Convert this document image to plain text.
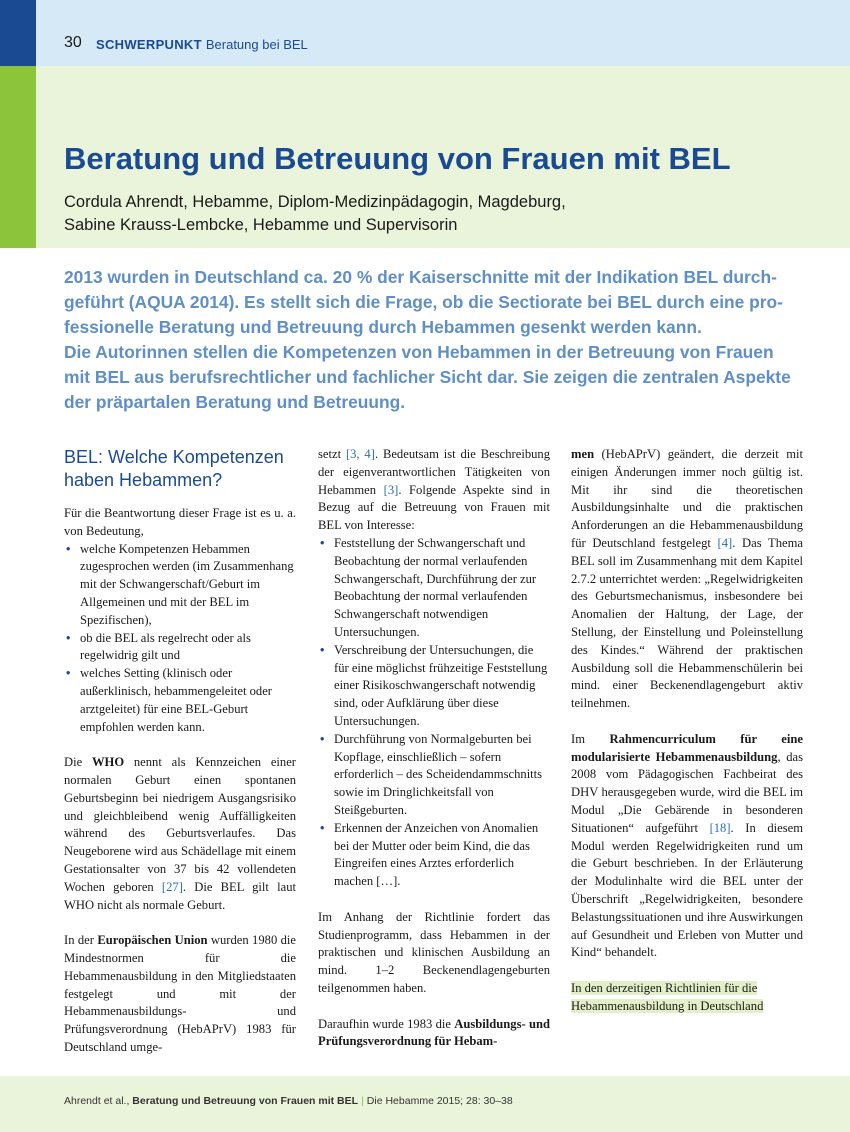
30 SCHWERPUNKT Beratung bei BEL
Beratung und Betreuung von Frauen mit BEL
Cordula Ahrendt, Hebamme, Diplom-Medizinpädagogin, Magdeburg,
Sabine Krauss-Lembcke, Hebamme und Supervisorin
2013 wurden in Deutschland ca. 20 % der Kaiserschnitte mit der Indikation BEL durch-
geführt (AQUA 2014). Es stellt sich die Frage, ob die Sectiorate bei BEL durch eine pro-
fessionelle Beratung und Betreuung durch Hebammen gesenkt werden kann.
Die Autorinnen stellen die Kompetenzen von Hebammen in der Betreuung von Frauen
mit BEL aus berufsrechtlicher und fachlicher Sicht dar. Sie zeigen die zentralen Aspekte
der präpartalen Beratung und Betreuung.
BEL: Welche Kompetenzen haben Hebammen?

Für die Beantwortung dieser Frage ist es u. a. von Bedeutung,

• welche Kompetenzen Hebammen zugesprochen werden (im Zusammenhang mit der Schwangerschaft/Geburt im Allgemeinen und mit der BEL im Spezifischen),
• ob die BEL als regelrecht oder als regelwidrig gilt und
• welches Setting (klinisch oder außerklinisch, hebammengeleitet oder arztgeleitet) für eine BEL-Geburt empfohlen werden kann.

Die WHO nennt als Kennzeichen einer normalen Geburt einen spontanen Geburtsbeginn bei niedrigem Ausgangsrisiko und gleichbleibend wenig Auffälligkeiten während des Geburtsverlaufes. Das Neugeborene wird aus Schädellage mit einem Gestationsalter von 37 bis 42 vollendeten Wochen geboren [27]. Die BEL gilt laut WHO nicht als normale Geburt.

In der Europäischen Union wurden 1980 die Mindestnormen für die Hebammenausbildung in den Mitgliedstaaten festgelegt und mit der Hebammenausbildungs- und Prüfungsverordnung (HebAPrV) 1983 für Deutschland umge-

setzt [3, 4]. Bedeutsam ist die Beschreibung der eigenverantwortlichen Tätigkeiten von Hebammen [3]. Folgende Aspekte sind in Bezug auf die Betreuung von Frauen mit BEL von Interesse:

• Feststellung der Schwangerschaft und Beobachtung der normal verlaufenden Schwangerschaft, Durchführung der zur Beobachtung der normal verlaufenden Schwangerschaft notwendigen Untersuchungen.
• Verschreibung der Untersuchungen, die für eine möglichst frühzeitige Feststellung einer Risikoschwangerschaft notwendig sind, oder Aufklärung über diese Untersuchungen.
• Durchführung von Normalgeburten bei Kopflage, einschließlich – sofern erforderlich – des Scheidendammschnitts sowie im Dringlichkeitsfall von Steißgeburten.
• Erkennen der Anzeichen von Anomalien bei der Mutter oder beim Kind, die das Eingreifen eines Arztes erforderlich machen […].

Im Anhang der Richtlinie fordert das Studienprogramm, dass Hebammen in der praktischen und klinischen Ausbildung an mind. 1–2 Beckenendlagengeburten teilgenommen haben.

Daraufhin wurde 1983 die Ausbildungs- und Prüfungsverordnung für Hebam-

men (HebAPrV) geändert, die derzeit mit einigen Änderungen immer noch gültig ist. Mit ihr sind die theoretischen Ausbildungsinhalte und die praktischen Anforderungen an die Hebammenausbildung für Deutschland festgelegt [4]. Das Thema BEL soll im Zusammenhang mit dem Kapitel 2.7.2 unterrichtet werden: „Regelwidrigkeiten des Geburtsmechanismus, insbesondere bei Anomalien der Haltung, der Lage, der Stellung, der Einstellung und Poleinstellung des Kindes.“ Während der praktischen Ausbildung soll die Hebammenschülerin bei mind. einer Beckenendlagengeburt aktiv teilnehmen.

Im Rahmencurriculum für eine modularisierte Hebammenausbildung, das 2008 vom Pädagogischen Fachbeirat des DHV herausgegeben wurde, wird die BEL im Modul „Die Gebärende in besonderen Situationen“ aufgeführt [18]. In diesem Modul werden Regelwidrigkeiten rund um die Geburt beschrieben. In der Erläuterung der Modulinhalte wird die BEL unter der Überschrift „Regelwidrigkeiten, besondere Belastungssituationen und ihre Auswirkungen auf Gesundheit und Erleben von Mutter und Kind“ behandelt.

In den derzeitigen Richtlinien für die Hebammenausbildung in Deutschland

Ahrendt et al., Beratung und Betreuung von Frauen mit BEL | Die Hebamme 2015; 28: 30–38
